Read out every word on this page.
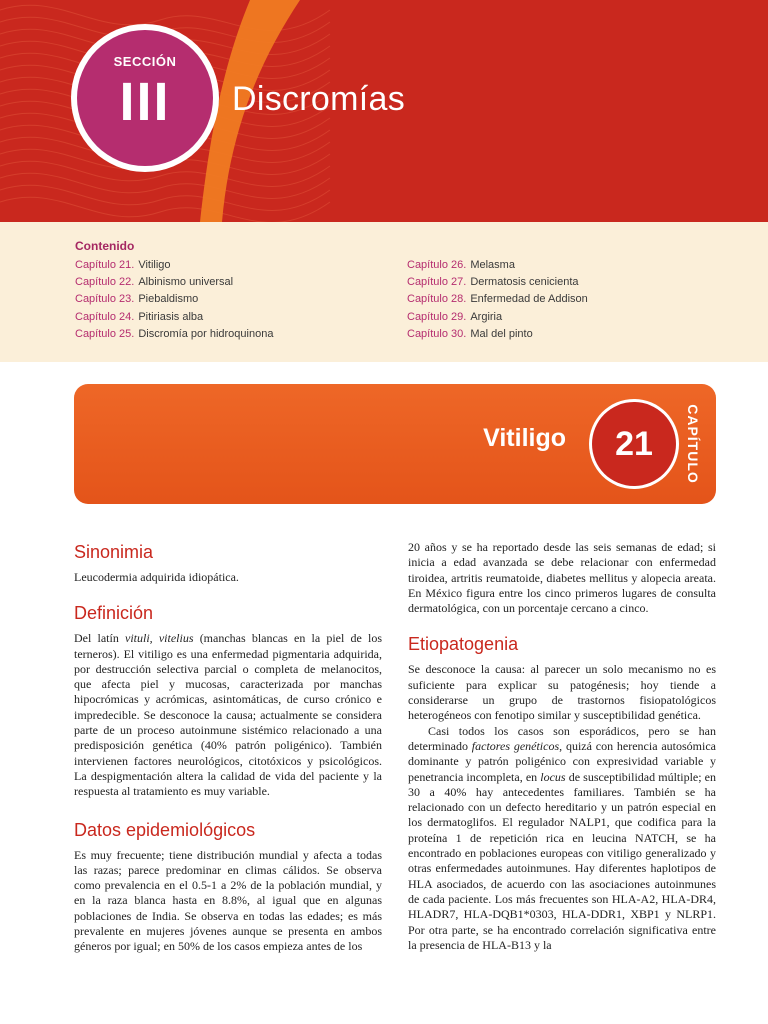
SECCIÓN
III	Discromías
Contenido
Capítulo 21. Vitiligo
Capítulo 22. Albinismo universal
Capítulo 23. Piebaldismo
Capítulo 24. Pitiriasis alba
Capítulo 25. Discromía por hidroquinona
Capítulo 26. Melasma
Capítulo 27. Dermatosis cenicienta
Capítulo 28. Enfermedad de Addison
Capítulo 29. Argiria
Capítulo 30. Mal del pinto
Vitiligo	21	CAPÍTULO
Sinonimia

Leucodermia adquirida idiopática.

Definición

Del latín vituli, vitelius (manchas blancas en la piel de los terneros). El vitiligo es una enfermedad pigmentaria adquirida, por destrucción selectiva parcial o completa de melanocitos, que afecta piel y mucosas, caracterizada por manchas hipocrómicas y acrómicas, asintomáticas, de curso crónico e impredecible. Se desconoce la causa; actualmente se considera parte de un proceso autoinmune sistémico relacionado a una predisposición genética (40% patrón poligénico). También intervienen factores neurológicos, citotóxicos y psicológicos. La despigmentación altera la calidad de vida del paciente y la respuesta al tratamiento es muy variable.

Datos epidemiológicos

Es muy frecuente; tiene distribución mundial y afecta a todas las razas; parece predominar en climas cálidos. Se observa como prevalencia en el 0.5-1 a 2% de la población mundial, y en la raza blanca hasta en 8.8%, al igual que en algunas poblaciones de India. Se observa en todas las edades; es más prevalente en mujeres jóvenes aunque se presenta en ambos géneros por igual; en 50% de los casos empieza antes de los

20 años y se ha reportado desde las seis semanas de edad; si inicia a edad avanzada se debe relacionar con enfermedad tiroidea, artritis reumatoide, diabetes mellitus y alopecia areata. En México figura entre los cinco primeros lugares de consulta dermatológica, con un porcentaje cercano a cinco.

Etiopatogenia

Se desconoce la causa: al parecer un solo mecanismo no es suficiente para explicar su patogénesis; hoy tiende a considerarse un grupo de trastornos fisiopatológicos heterogéneos con fenotipo similar y susceptibilidad genética.

Casi todos los casos son esporádicos, pero se han determinado factores genéticos, quizá con herencia autosómica dominante y patrón poligénico con expresividad variable y penetrancia incompleta, en locus de susceptibilidad múltiple; en 30 a 40% hay antecedentes familiares. También se ha relacionado con un defecto hereditario y un patrón especial en los dermatoglifos. El regulador NALP1, que codifica para la proteína 1 de repetición rica en leucina NATCH, se ha encontrado en poblaciones europeas con vitiligo generalizado y otras enfermedades autoinmunes. Hay diferentes haplotipos de HLA asociados, de acuerdo con las asociaciones autoinmunes de cada paciente. Los más frecuentes son HLA-A2, HLA-DR4, HLADR7, HLA-DQB1*0303, HLA-DDR1, XBP1 y NLRP1. Por otra parte, se ha encontrado correlación significativa entre la presencia de HLA-B13 y la
